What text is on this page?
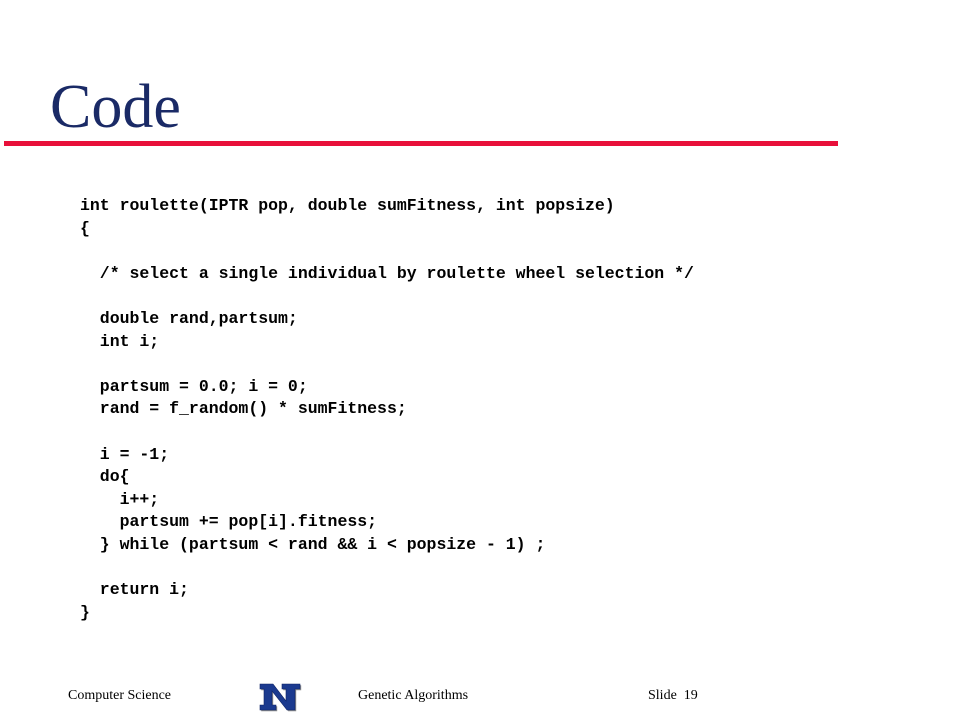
Code
int roulette(IPTR pop, double sumFitness, int popsize)
{
/* select a single individual by roulette wheel selection */
double rand,partsum;
int i;
partsum = 0.0; i = 0;
rand = f_random() * sumFitness;
i = -1;
do{
i++;
partsum += pop[i].fitness;
} while (partsum < rand && i < popsize - 1) ;
return i;
}
Computer Science	Genetic Algorithms	Slide  19
